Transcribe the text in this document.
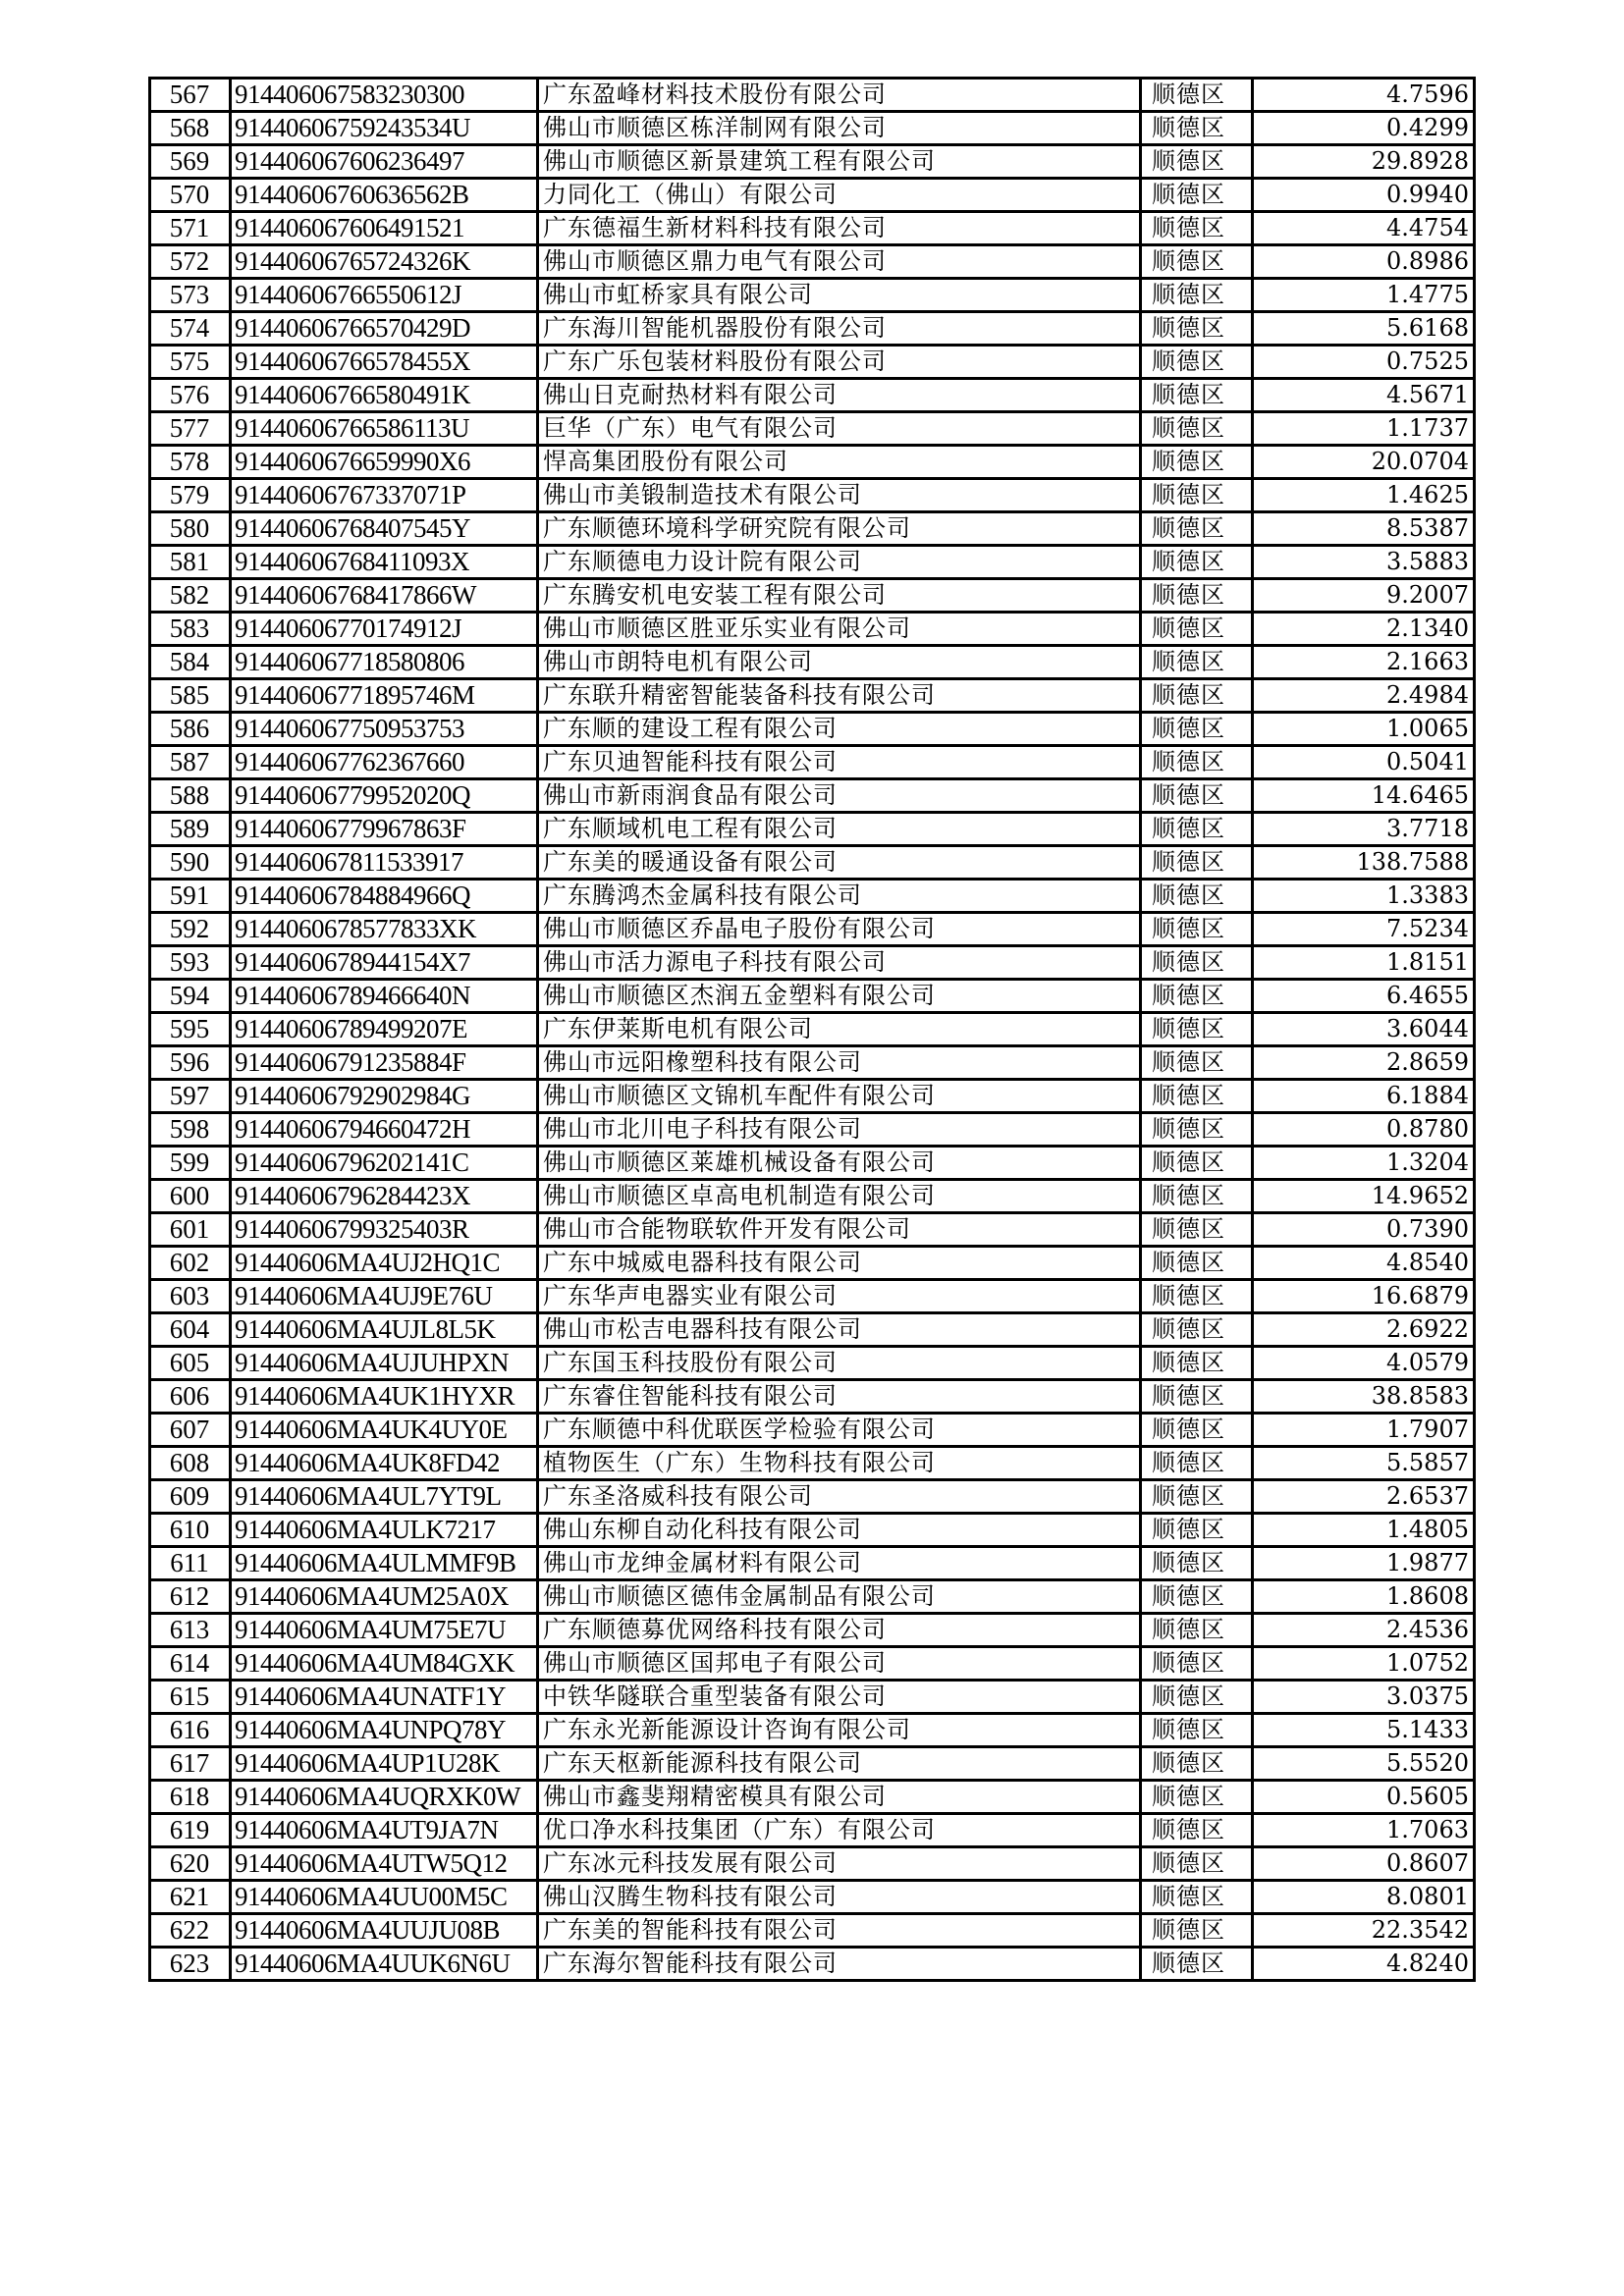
567	914406067583230300	广东盈峰材料技术股份有限公司	顺德区	4.7596
568	91440606759243534U	佛山市顺德区栋洋制网有限公司	顺德区	0.4299
569	914406067606236497	佛山市顺德区新景建筑工程有限公司	顺德区	29.8928
570	91440606760636562B	力同化工（佛山）有限公司	顺德区	0.9940
571	914406067606491521	广东德福生新材料科技有限公司	顺德区	4.4754
572	91440606765724326K	佛山市顺德区鼎力电气有限公司	顺德区	0.8986
573	91440606766550612J	佛山市虹桥家具有限公司	顺德区	1.4775
574	91440606766570429D	广东海川智能机器股份有限公司	顺德区	5.6168
575	91440606766578455X	广东广乐包装材料股份有限公司	顺德区	0.7525
576	91440606766580491K	佛山日克耐热材料有限公司	顺德区	4.5671
577	91440606766586113U	巨华（广东）电气有限公司	顺德区	1.1737
578	9144060676659990X6	悍高集团股份有限公司	顺德区	20.0704
579	91440606767337071P	佛山市美锻制造技术有限公司	顺德区	1.4625
580	91440606768407545Y	广东顺德环境科学研究院有限公司	顺德区	8.5387
581	91440606768411093X	广东顺德电力设计院有限公司	顺德区	3.5883
582	91440606768417866W	广东腾安机电安装工程有限公司	顺德区	9.2007
583	91440606770174912J	佛山市顺德区胜亚乐实业有限公司	顺德区	2.1340
584	914406067718580806	佛山市朗特电机有限公司	顺德区	2.1663
585	91440606771895746M	广东联升精密智能装备科技有限公司	顺德区	2.4984
586	914406067750953753	广东顺的建设工程有限公司	顺德区	1.0065
587	914406067762367660	广东贝迪智能科技有限公司	顺德区	0.5041
588	91440606779952020Q	佛山市新雨润食品有限公司	顺德区	14.6465
589	91440606779967863F	广东顺域机电工程有限公司	顺德区	3.7718
590	914406067811533917	广东美的暖通设备有限公司	顺德区	138.7588
591	91440606784884966Q	广东腾鸿杰金属科技有限公司	顺德区	1.3383
592	9144060678577833XK	佛山市顺德区乔晶电子股份有限公司	顺德区	7.5234
593	9144060678944154X7	佛山市活力源电子科技有限公司	顺德区	1.8151
594	91440606789466640N	佛山市顺德区杰润五金塑料有限公司	顺德区	6.4655
595	91440606789499207E	广东伊莱斯电机有限公司	顺德区	3.6044
596	91440606791235884F	佛山市远阳橡塑科技有限公司	顺德区	2.8659
597	91440606792902984G	佛山市顺德区文锦机车配件有限公司	顺德区	6.1884
598	91440606794660472H	佛山市北川电子科技有限公司	顺德区	0.8780
599	91440606796202141C	佛山市顺德区莱雄机械设备有限公司	顺德区	1.3204
600	91440606796284423X	佛山市顺德区卓高电机制造有限公司	顺德区	14.9652
601	91440606799325403R	佛山市合能物联软件开发有限公司	顺德区	0.7390
602	91440606MA4UJ2HQ1C	广东中城威电器科技有限公司	顺德区	4.8540
603	91440606MA4UJ9E76U	广东华声电器实业有限公司	顺德区	16.6879
604	91440606MA4UJL8L5K	佛山市松吉电器科技有限公司	顺德区	2.6922
605	91440606MA4UJUHPXN	广东国玉科技股份有限公司	顺德区	4.0579
606	91440606MA4UK1HYXR	广东睿住智能科技有限公司	顺德区	38.8583
607	91440606MA4UK4UY0E	广东顺德中科优联医学检验有限公司	顺德区	1.7907
608	91440606MA4UK8FD42	植物医生（广东）生物科技有限公司	顺德区	5.5857
609	91440606MA4UL7YT9L	广东圣洛威科技有限公司	顺德区	2.6537
610	91440606MA4ULK7217	佛山东柳自动化科技有限公司	顺德区	1.4805
611	91440606MA4ULMMF9B	佛山市龙绅金属材料有限公司	顺德区	1.9877
612	91440606MA4UM25A0X	佛山市顺德区德伟金属制品有限公司	顺德区	1.8608
613	91440606MA4UM75E7U	广东顺德募优网络科技有限公司	顺德区	2.4536
614	91440606MA4UM84GXK	佛山市顺德区国邦电子有限公司	顺德区	1.0752
615	91440606MA4UNATF1Y	中铁华隧联合重型装备有限公司	顺德区	3.0375
616	91440606MA4UNPQ78Y	广东永光新能源设计咨询有限公司	顺德区	5.1433
617	91440606MA4UP1U28K	广东天枢新能源科技有限公司	顺德区	5.5520
618	91440606MA4UQRXK0W	佛山市鑫斐翔精密模具有限公司	顺德区	0.5605
619	91440606MA4UT9JA7N	优口净水科技集团（广东）有限公司	顺德区	1.7063
620	91440606MA4UTW5Q12	广东冰元科技发展有限公司	顺德区	0.8607
621	91440606MA4UU00M5C	佛山汉腾生物科技有限公司	顺德区	8.0801
622	91440606MA4UUJU08B	广东美的智能科技有限公司	顺德区	22.3542
623	91440606MA4UUK6N6U	广东海尔智能科技有限公司	顺德区	4.8240
